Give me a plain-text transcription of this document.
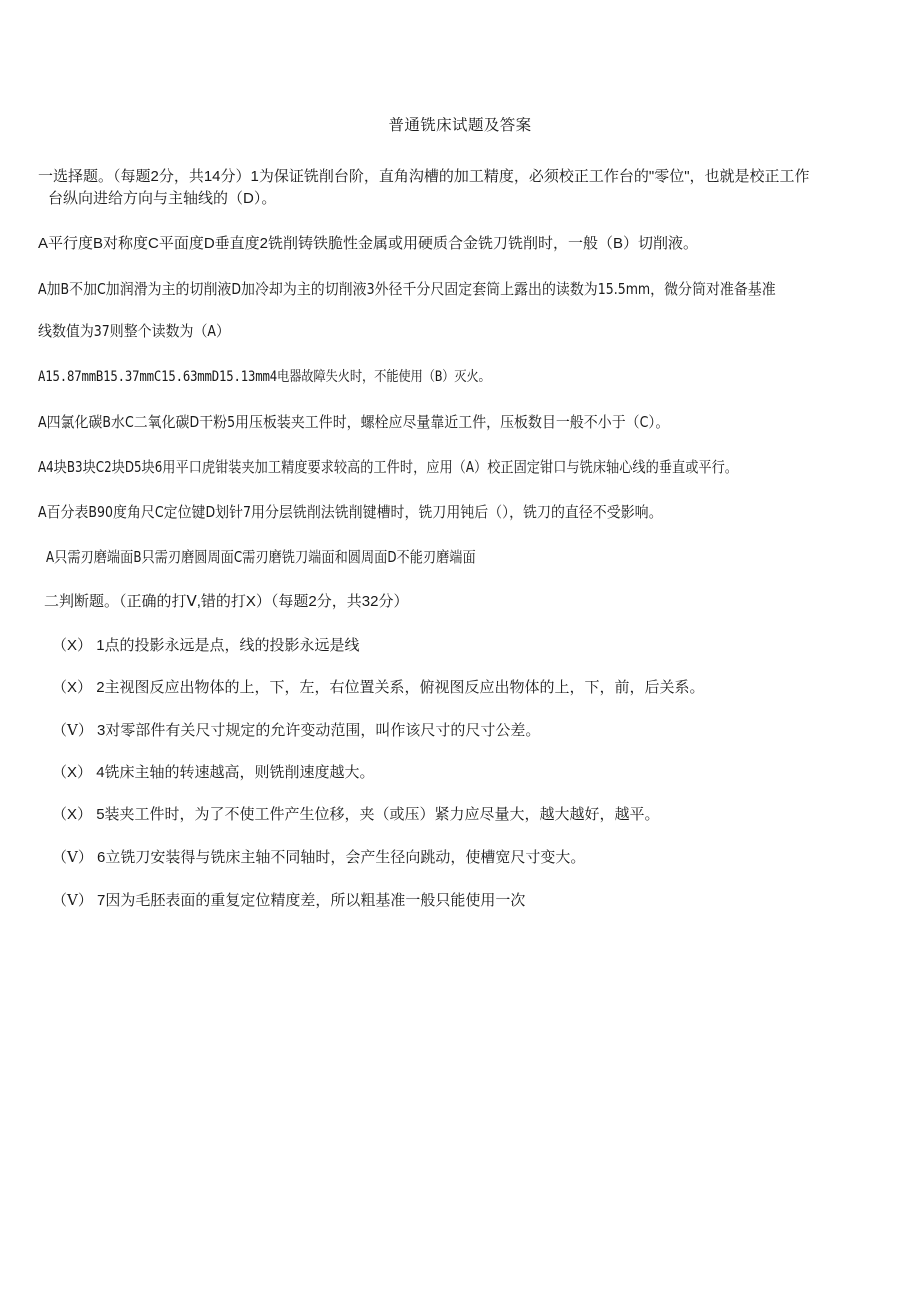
普通铣床试题及答案
一选择题。（每题2分，共14分）1为保证铣削台阶，直角沟槽的加工精度，必须校正工作台的"零位"，也就是校正工作
台纵向进给方向与主轴线的（D）。
A平行度B对称度C平面度D垂直度2铣削铸铁脆性金属或用硬质合金铣刀铣削时，一般（B）切削液。
A加B不加C加润滑为主的切削液D加冷却为主的切削液3外径千分尺固定套筒上露出的读数为15.5mm，微分筒对准备基准
线数值为37则整个读数为（A）
A15.87mmB15.37mmC15.63mmD15.13mm4电器故障失火时，不能使用（B）灭火。
A四氯化碳B水C二氧化碳D干粉5用压板装夹工件时，螺栓应尽量靠近工件，压板数目一般不小于（C）。
A4块B3块C2块D5块6用平口虎钳装夹加工精度要求较高的工件时，应用（A）校正固定钳口与铣床轴心线的垂直或平行。
A百分表B90度角尺C定位键D划针7用分层铣削法铣削键槽时，铣刀用钝后（），铣刀的直径不受影响。
A只需刃磨端面B只需刃磨圆周面C需刃磨铣刀端面和圆周面D不能刃磨端面
二判断题。（正确的打Ⅴ,错的打X）（每题2分，共32分）
（X） 1点的投影永远是点，线的投影永远是线
（X） 2主视图反应出物体的上，下，左，右位置关系，俯视图反应出物体的上，下，前，后关系。
（Ⅴ） 3对零部件有关尺寸规定的允许变动范围，叫作该尺寸的尺寸公差。
（X） 4铣床主轴的转速越高，则铣削速度越大。
（X） 5装夹工件时，为了不使工件产生位移，夹（或压）紧力应尽量大，越大越好，越平。
（Ⅴ） 6立铣刀安装得与铣床主轴不同轴时，会产生径向跳动，使槽宽尺寸变大。
（Ⅴ） 7因为毛胚表面的重复定位精度差，所以粗基准一般只能使用一次
